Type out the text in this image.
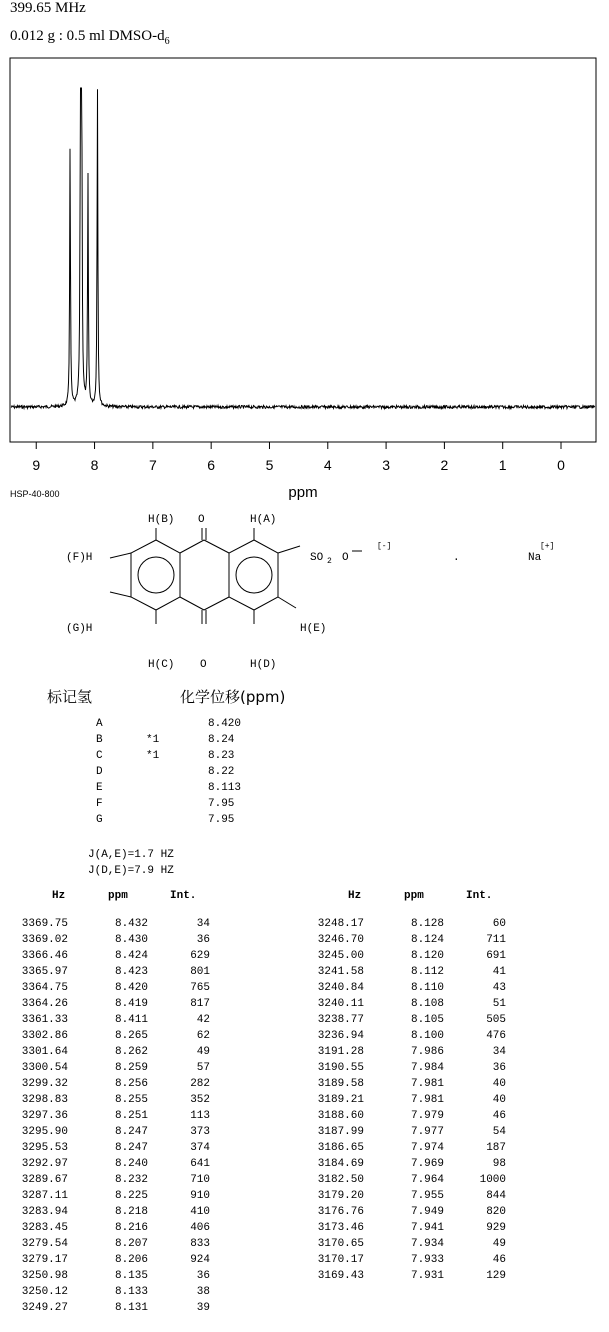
399.65 MHz
0.012 g : 0.5 ml DMSO-$d_6$
9	8	7	6	5	4	3	2	1	0
ppm
HSP-40-800
H(B) O	H(A)
(F)H
(G)H
H(C) O	H(D)
H(E)
SO 2 O
[-]
.	Na
[+]
标记氢	化学位移(ppm)
A	8.420
B	*1	8.24
C	*1	8.23
D	8.22
E	8.113
F	7.95
G	7.95
J(A,E)=1.7 HZ
J(D,E)=7.9 HZ
Hz	ppm	Int.
3369.75	8.432	34
3369.02	8.430	36
3366.46	8.424	629
3365.97	8.423	801
3364.75	8.420	765
3364.26	8.419	817
3361.33	8.411	42
3302.86	8.265	62
3301.64	8.262	49
3300.54	8.259	57
3299.32	8.256	282
3298.83	8.255	352
3297.36	8.251	113
3295.90	8.247	373
3295.53	8.247	374
3292.97	8.240	641
3289.67	8.232	710
3287.11	8.225	910
3283.94	8.218	410
3283.45	8.216	406
3279.54	8.207	833
3279.17	8.206	924
3250.98	8.135	36
3250.12	8.133	38
3249.27	8.131	39
Hz	ppm	Int.
3248.17	8.128	60
3246.70	8.124	711
3245.00	8.120	691
3241.58	8.112	41
3240.84	8.110	43
3240.11	8.108	51
3238.77	8.105	505
3236.94	8.100	476
3191.28	7.986	34
3190.55	7.984	36
3189.58	7.981	40
3189.21	7.981	40
3188.60	7.979	46
3187.99	7.977	54
3186.65	7.974	187
3184.69	7.969	98
3182.50	7.964	1000
3179.20	7.955	844
3176.76	7.949	820
3173.46	7.941	929
3170.65	7.934	49
3170.17	7.933	46
3169.43	7.931	129
